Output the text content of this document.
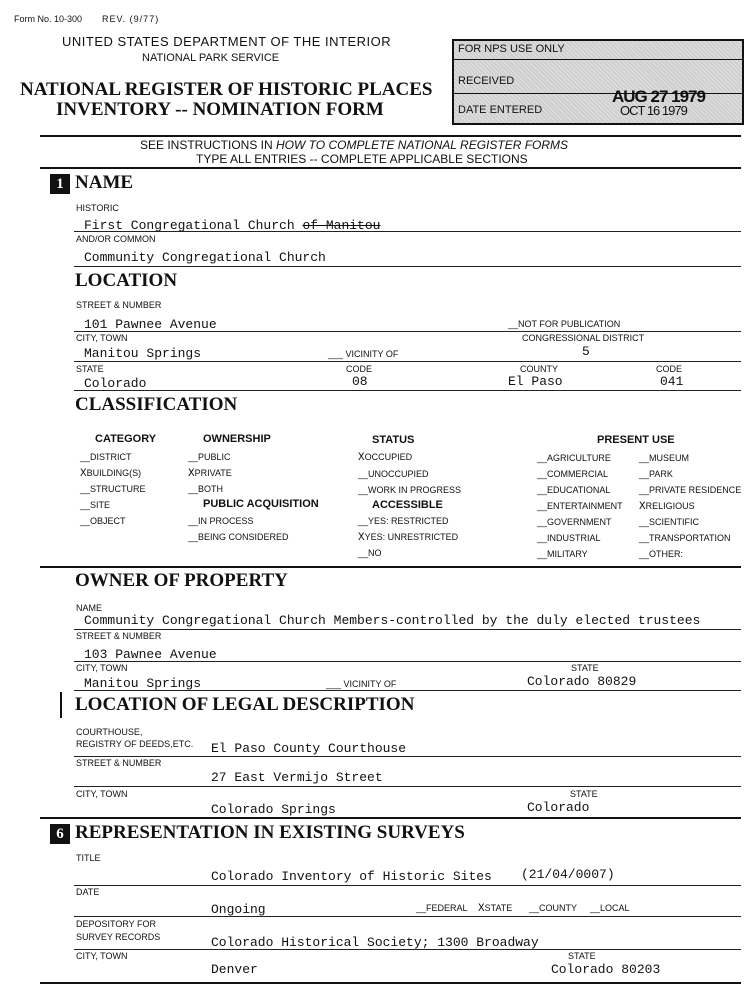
Form No. 10-300 REV. (9/77)
UNITED STATES DEPARTMENT OF THE INTERIOR
NATIONAL PARK SERVICE
NATIONAL REGISTER OF HISTORIC PLACES
INVENTORY -- NOMINATION FORM
FOR NPS USE ONLY
RECEIVED
DATE ENTERED
AUG 27 1979
OCT 16 1979
SEE INSTRUCTIONS IN HOW TO COMPLETE NATIONAL REGISTER FORMS
TYPE ALL ENTRIES -- COMPLETE APPLICABLE SECTIONS
1 NAME
HISTORIC
First Congregational Church of Manitou
AND/OR COMMON
Community Congregational Church
LOCATION
STREET & NUMBER
101 Pawnee Avenue	__NOT FOR PUBLICATION
CITY, TOWN	CONGRESSIONAL DISTRICT
Manitou Springs	___ VICINITY OF	5
STATE	CODE	COUNTY	CODE
Colorado	08	El Paso	041
CLASSIFICATION
CATEGORY
__DISTRICT
XBUILDING(S)
__STRUCTURE
__SITE
__OBJECT
OWNERSHIP
__PUBLIC
XPRIVATE
__BOTH
PUBLIC ACQUISITION
__IN PROCESS
__BEING CONSIDERED
STATUS
XOCCUPIED
__UNOCCUPIED
__WORK IN PROGRESS
ACCESSIBLE
__YES: RESTRICTED
XYES: UNRESTRICTED
__NO
PRESENT USE
__AGRICULTURE
__COMMERCIAL
__EDUCATIONAL
__ENTERTAINMENT
__GOVERNMENT
__INDUSTRIAL
__MILITARY
__MUSEUM
__PARK
__PRIVATE RESIDENCE
XRELIGIOUS
__SCIENTIFIC
__TRANSPORTATION
__OTHER:
OWNER OF PROPERTY
NAME
Community Congregational Church Members-controlled by the duly elected trustees
STREET & NUMBER
103 Pawnee Avenue
CITY, TOWN	STATE
Manitou Springs	___ VICINITY OF	Colorado 80829
LOCATION OF LEGAL DESCRIPTION
COURTHOUSE,
REGISTRY OF DEEDS,ETC. El Paso County Courthouse
STREET & NUMBER
27 East Vermijo Street
CITY, TOWN	STATE
Colorado Springs	Colorado
6 REPRESENTATION IN EXISTING SURVEYS
TITLE
Colorado Inventory of Historic Sites (21/04/0007)
DATE
Ongoing	__FEDERAL XSTATE __COUNTY __LOCAL
DEPOSITORY FOR
SURVEY RECORDS	Colorado Historical Society; 1300 Broadway
CITY, TOWN	STATE
Denver	Colorado 80203
